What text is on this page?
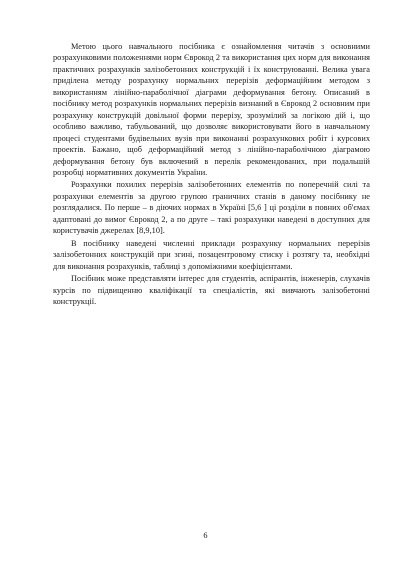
Метою цього навчального посібника є ознайомлення читачів з основними розрахунковими положеннями норм Єврокод 2 та використання цих норм для виконання практичних розрахунків залізобетонних конструкцій і їх конструюванні. Велика увага приділена методу розрахунку нормальних перерізів деформаційним методом з використанням лінійно-параболічної діаграми деформування бетону. Описаний в посібнику метод розрахунків нормальних перерізів визнаний в Єврокод 2 основним при розрахунку конструкцій довільної форми перерізу, зрозумілий за логікою дій і, що особливо важливо, табульований, що дозволяє використовувати його в навчальному процесі студентами будівельних вузів при виконанні розрахункових робіт і курсових проектів. Бажано, щоб деформаційний метод з лінійно-параболічною діаграмою деформування бетону був включений в перелік рекомендованих, при подальшій розробці нормативних документів України.

Розрахунки похилих перерізів залізобетонних елементів по поперечній силі та розрахунки елементів за другою групою граничних станів в даному посібнику не розглядалися. По перше – в діючих нормах в Україні [5,6 ] ці розділи в повних об'ємах адаптовані до вимог Єврокод 2, а по друге – такі розрахунки наведені в доступних для користувачів джерелах [8,9,10].

В посібнику наведені численні приклади розрахунку нормальних перерізів залізобетонних конструкцій при згині, позацентровому стиску і розтягу та, необхідні для виконання розрахунків, таблиці з допоміжними коефіцієнтами.

Посібник може представляти інтерес для студентів, аспірантів, інженерів, слухачів курсів по підвищенню кваліфікації та спеціалістів, які вивчають залізобетонні конструкції.

6
